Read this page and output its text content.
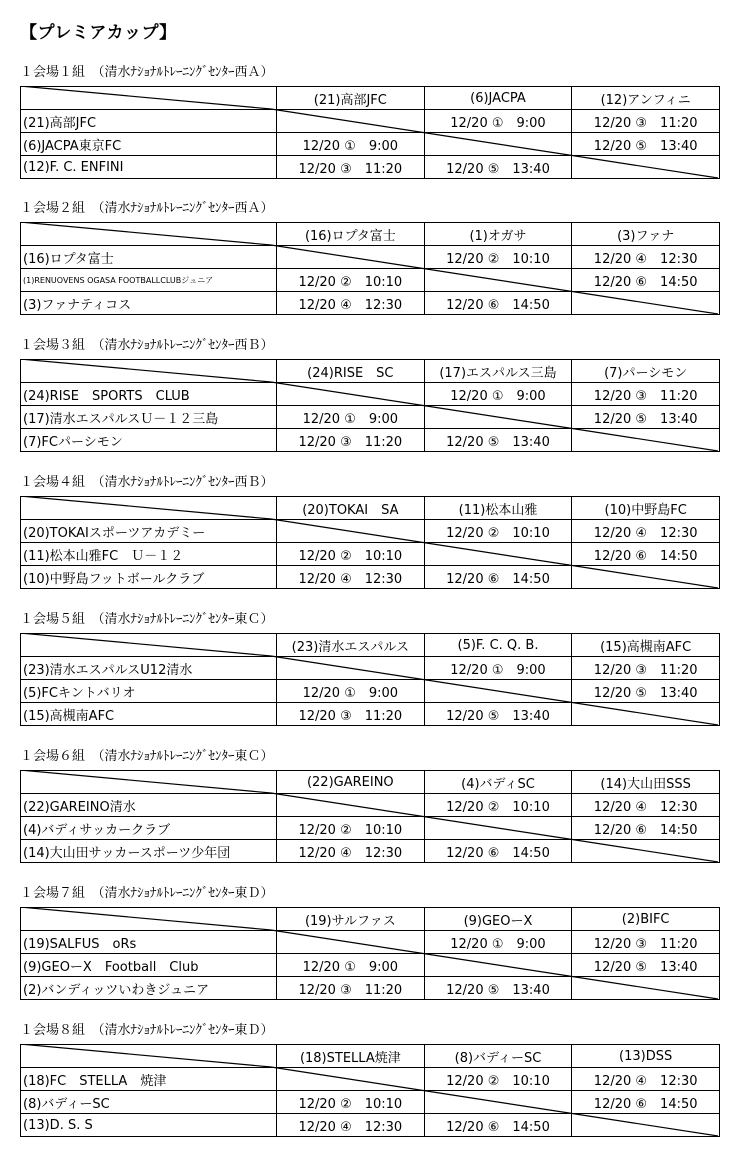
【プレミアカップ】
１会場１組　（清水ﾅｼｮﾅﾙﾄﾚｰﾆﾝｸﾞｾﾝﾀｰ西Ａ）
	(21)高部JFC	(6)JACPA	(12)アンフィニ
(21)高部JFC		12/20 ①　9:00	12/20 ③　11:20
(6)JACPA東京FC	12/20 ①　9:00		12/20 ⑤　13:40
(12)F. C. ENFINI	12/20 ③　11:20	12/20 ⑤　13:40	
１会場２組　（清水ﾅｼｮﾅﾙﾄﾚｰﾆﾝｸﾞｾﾝﾀｰ西Ａ）
	(16)ロプタ富士	(1)オガサ	(3)ファナ
(16)ロプタ富士		12/20 ②　10:10	12/20 ④　12:30
(1)RENUOVENS OGASA FOOTBALLCLUBジュニア	12/20 ②　10:10		12/20 ⑥　14:50
(3)ファナティコス	12/20 ④　12:30	12/20 ⑥　14:50	
１会場３組　（清水ﾅｼｮﾅﾙﾄﾚｰﾆﾝｸﾞｾﾝﾀｰ西Ｂ）
	(24)RISE　SC	(17)エスパルス三島	(7)パーシモン
(24)RISE　SPORTS　CLUB		12/20 ①　9:00	12/20 ③　11:20
(17)清水エスパルスＵ－１２三島	12/20 ①　9:00		12/20 ⑤　13:40
(7)FCパーシモン	12/20 ③　11:20	12/20 ⑤　13:40	
１会場４組　（清水ﾅｼｮﾅﾙﾄﾚｰﾆﾝｸﾞｾﾝﾀｰ西Ｂ）
	(20)TOKAI　SA	(11)松本山雅	(10)中野島FC
(20)TOKAIスポーツアカデミー		12/20 ②　10:10	12/20 ④　12:30
(11)松本山雅FC　Ｕ－１２	12/20 ②　10:10		12/20 ⑥　14:50
(10)中野島フットボールクラブ	12/20 ④　12:30	12/20 ⑥　14:50	
１会場５組　（清水ﾅｼｮﾅﾙﾄﾚｰﾆﾝｸﾞｾﾝﾀｰ東Ｃ）
	(23)清水エスパルス	(5)F. C. Q. B.	(15)高槻南AFC
(23)清水エスパルスU12清水		12/20 ①　9:00	12/20 ③　11:20
(5)FCキントバリオ	12/20 ①　9:00		12/20 ⑤　13:40
(15)高槻南AFC	12/20 ③　11:20	12/20 ⑤　13:40	
１会場６組　（清水ﾅｼｮﾅﾙﾄﾚｰﾆﾝｸﾞｾﾝﾀｰ東Ｃ）
	(22)GAREINO	(4)バディSC	(14)大山田SSS
(22)GAREINO清水		12/20 ②　10:10	12/20 ④　12:30
(4)バディサッカークラブ	12/20 ②　10:10		12/20 ⑥　14:50
(14)大山田サッカースポーツ少年団	12/20 ④　12:30	12/20 ⑥　14:50	
１会場７組　（清水ﾅｼｮﾅﾙﾄﾚｰﾆﾝｸﾞｾﾝﾀｰ東Ｄ）
	(19)サルファス	(9)GEOーX	(2)BIFC
(19)SALFUS　oRs		12/20 ①　9:00	12/20 ③　11:20
(9)GEOーX　Football　Club	12/20 ①　9:00		12/20 ⑤　13:40
(2)バンディッツいわきジュニア	12/20 ③　11:20	12/20 ⑤　13:40	
１会場８組　（清水ﾅｼｮﾅﾙﾄﾚｰﾆﾝｸﾞｾﾝﾀｰ東Ｄ）
	(18)STELLA焼津	(8)バディーSC	(13)DSS
(18)FC　STELLA　焼津		12/20 ②　10:10	12/20 ④　12:30
(8)バディーSC	12/20 ②　10:10		12/20 ⑥　14:50
(13)D. S. S	12/20 ④　12:30	12/20 ⑥　14:50	
